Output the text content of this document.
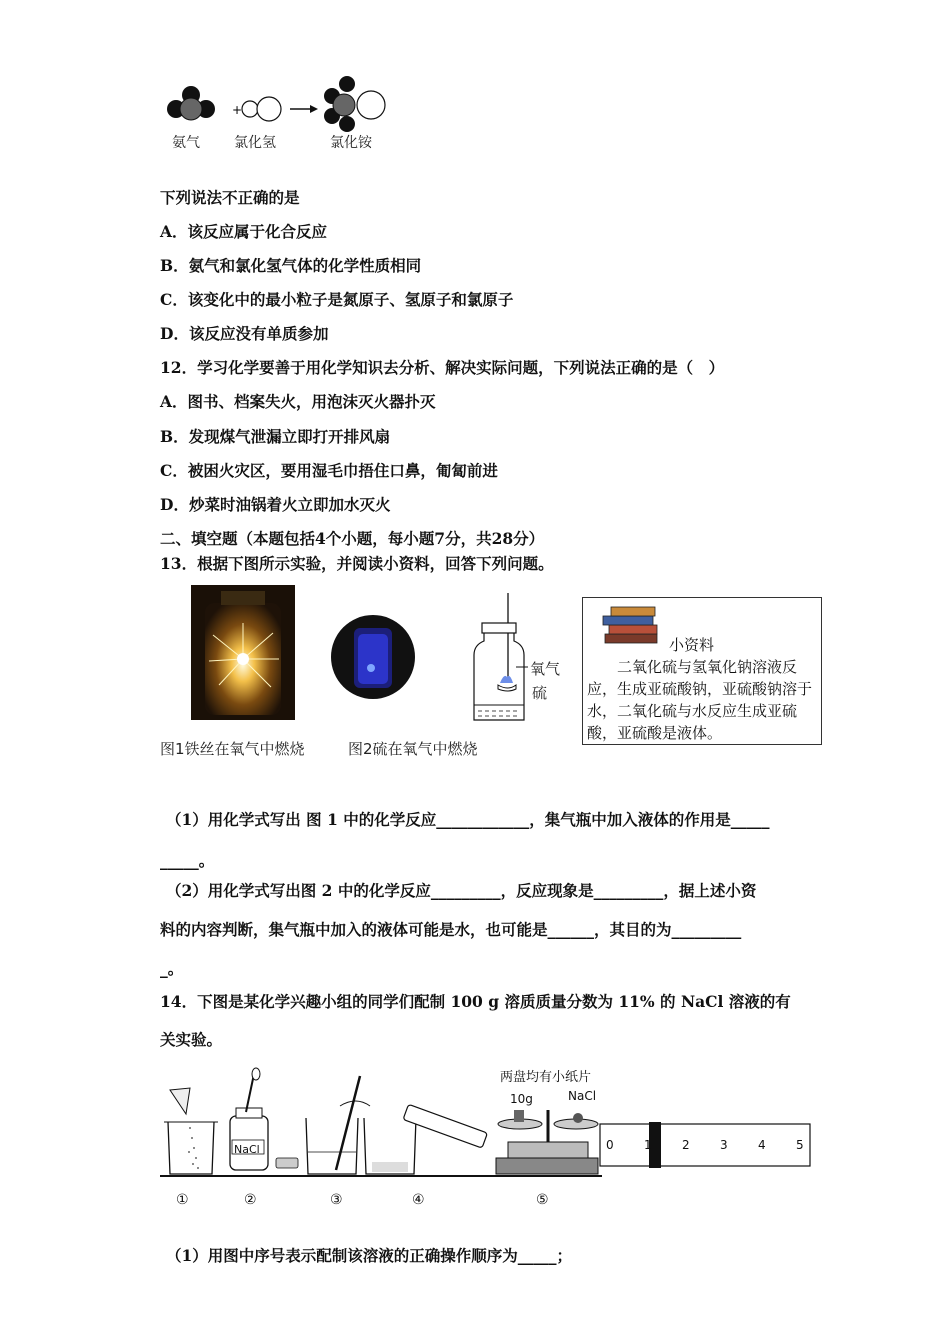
+
氨气 氯化氢	氯化铵
下列说法不正确的是
A．该反应属于化合反应
B．氨气和氯化氢气体的化学性质相同
C．该变化中的最小粒子是氮原子、氢原子和氯原子
D．该反应没有单质参加
12．学习化学要善于用化学知识去分析、解决实际问题，下列说法正确的是（　）
A．图书、档案失火，用泡沫灭火器扑灭
B．发现煤气泄漏立即打开排风扇
C．被困火灾区，要用湿毛巾捂住口鼻，匍匐前进
D．炒菜时油锅着火立即加水灭火
二、填空题（本题包括4个小题，每小题7分，共28分）
13．根据下图所示实验，并阅读小资料，回答下列问题。
氧气
硫
图1铁丝在氧气中燃烧	图2硫在氧气中燃烧
小资料
二氧化硫与氢氧化钠溶液反应，生成亚硫酸钠，亚硫酸钠溶于水，二氧化硫与水反应生成亚硫酸，亚硫酸是液体。
（1）用化学式写出 图 1 中的化学反应____________，集气瓶中加入液体的作用是_____
_____。
（2）用化学式写出图 2 中的化学反应_________，反应现象是_________，据上述小资
料的内容判断，集气瓶中加入的液体可能是水，也可能是______，其目的为_________
_。
14．下图是某化学兴趣小组的同学们配制 100 g 溶质质量分数为 11% 的 NaCl 溶液的有
关实验。
两盘均有小纸片
10g	NaCl
NaCl	0	1	2	3	4	5
①	②	③	④	⑤
（1）用图中序号表示配制该溶液的正确操作顺序为_____；
